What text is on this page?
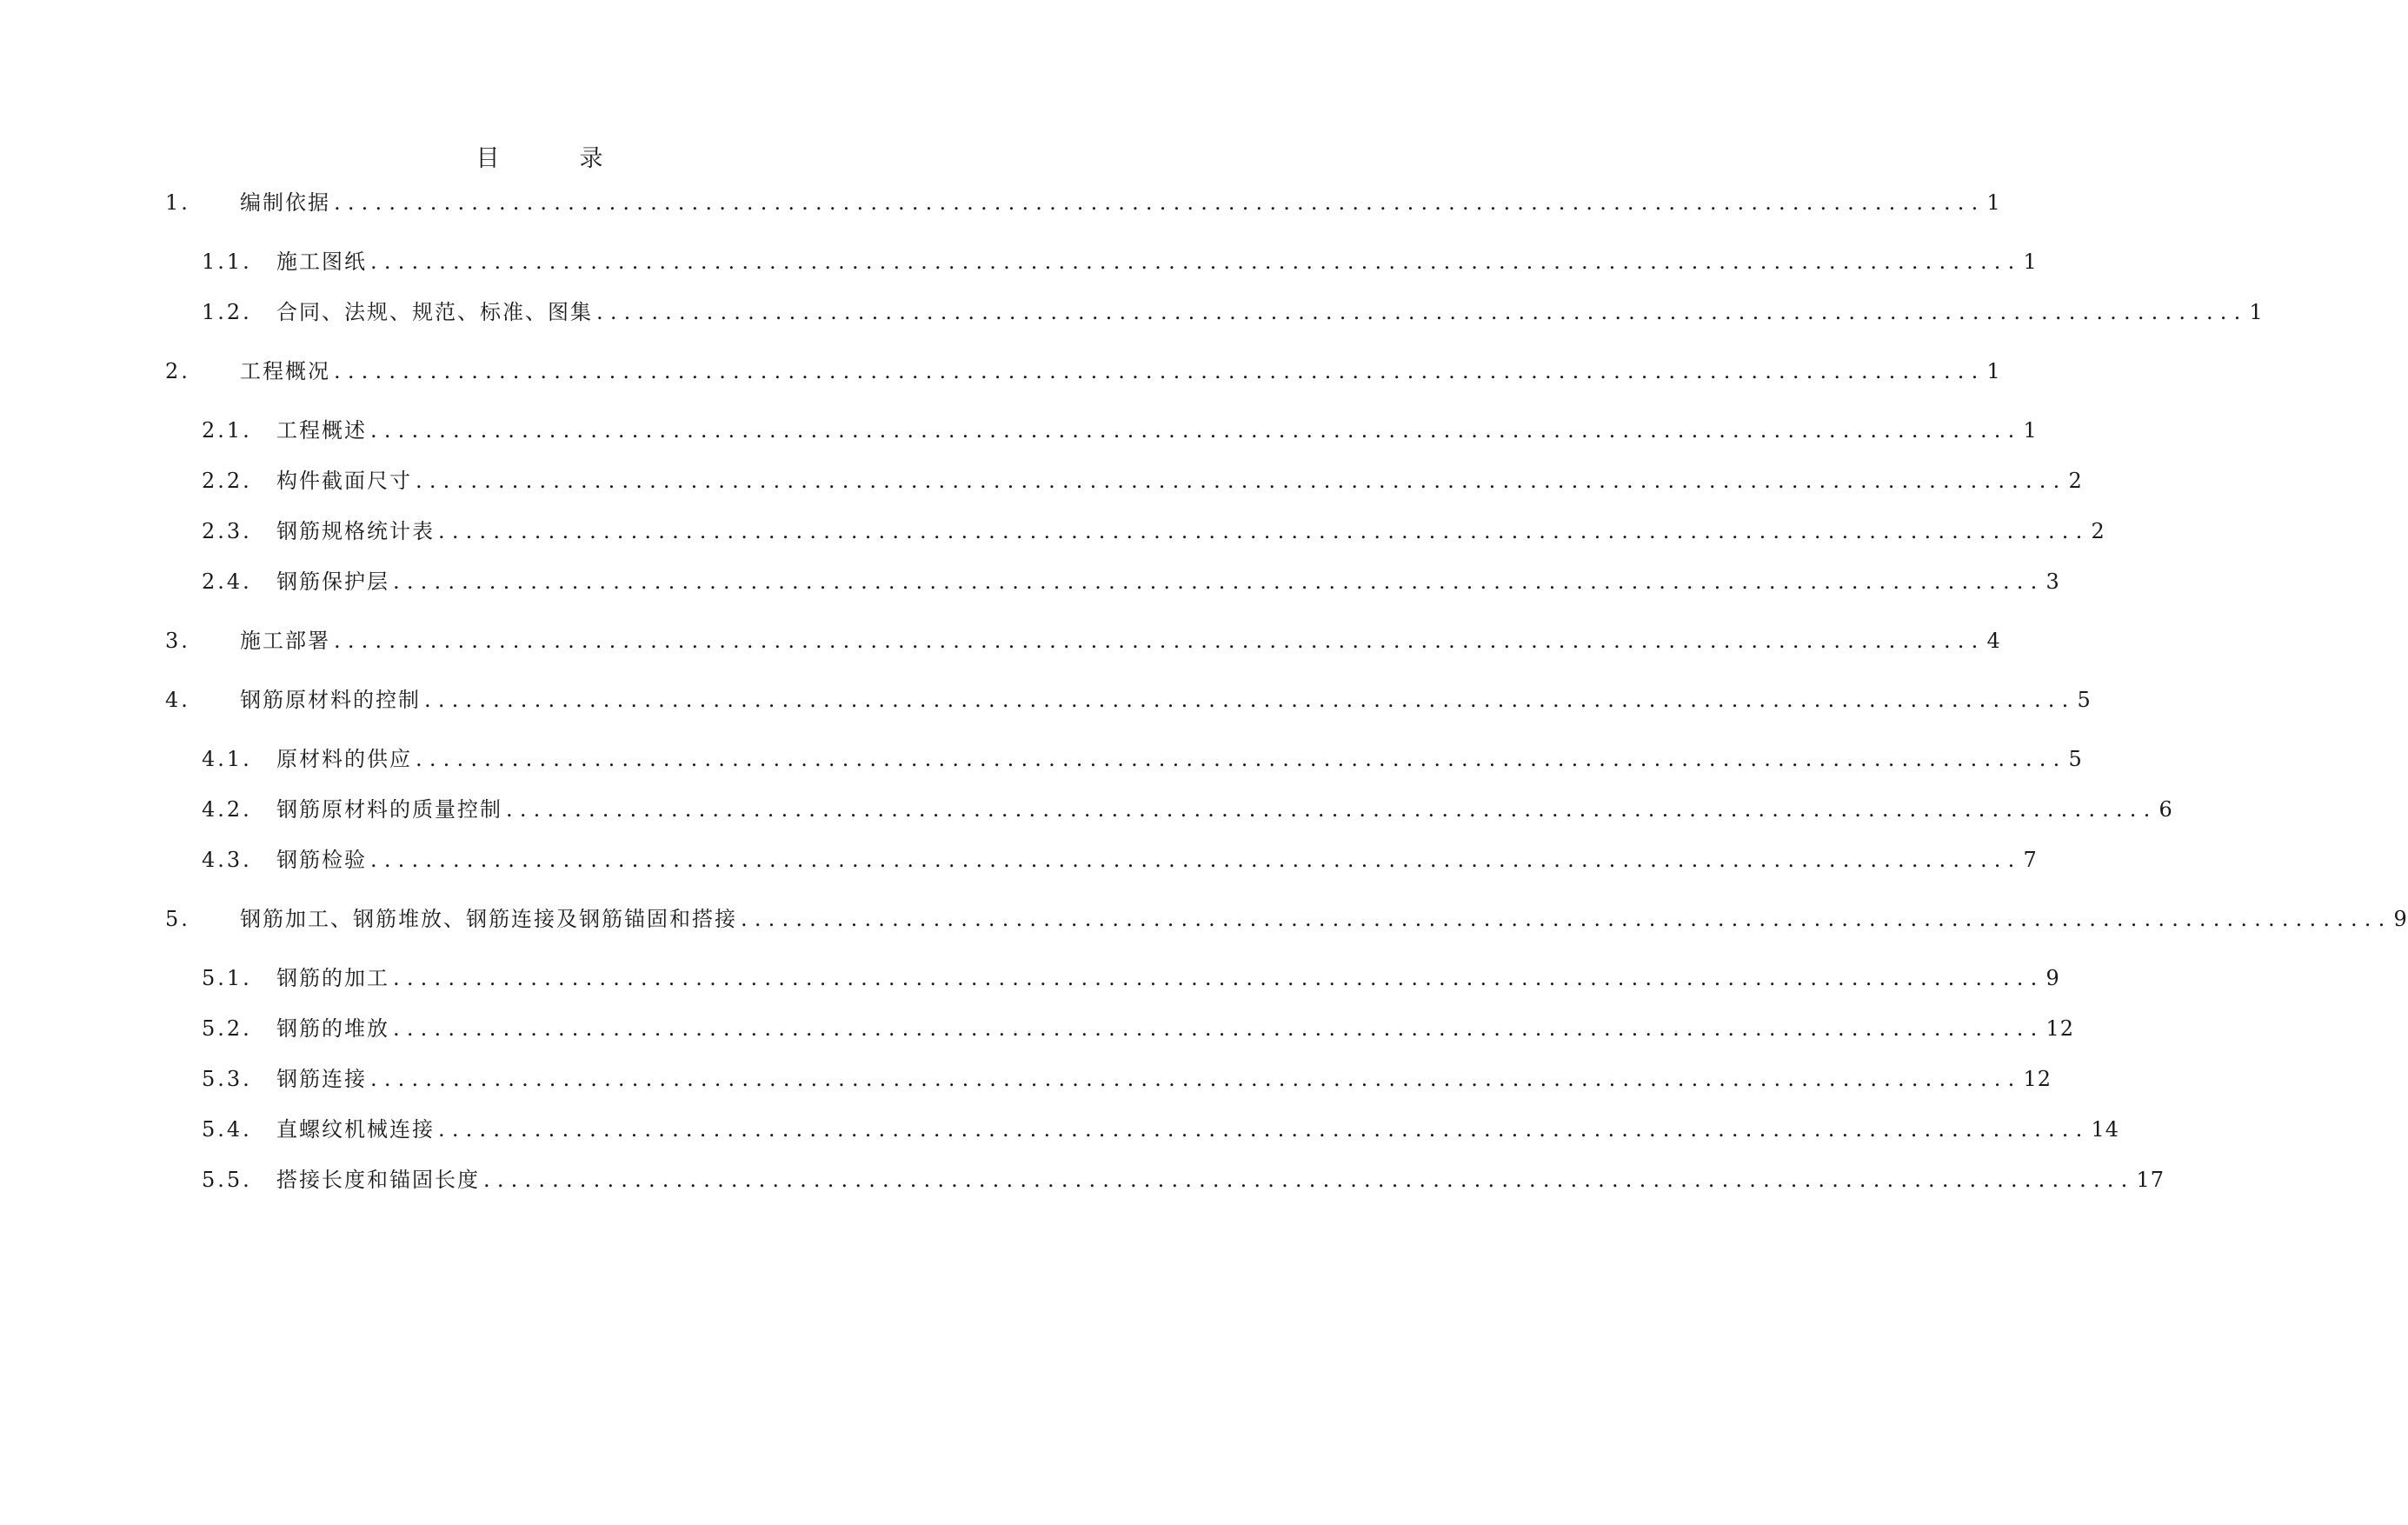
目	录
1.	编制依据 ........................................................................................................................ 1
1.1.	施工图纸 ........................................................................................................................ 1
1.2.	合同、法规、规范、标准、图集 ........................................................................................................................ 1
2.	工程概况 ........................................................................................................................ 1
2.1.	工程概述 ........................................................................................................................ 1
2.2.	构件截面尺寸 ........................................................................................................................ 2
2.3.	钢筋规格统计表 ........................................................................................................................ 2
2.4.	钢筋保护层 ........................................................................................................................ 3
3.	施工部署 ........................................................................................................................ 4
4.	钢筋原材料的控制 ........................................................................................................................ 5
4.1.	原材料的供应 ........................................................................................................................ 5
4.2.	钢筋原材料的质量控制 ........................................................................................................................ 6
4.3.	钢筋检验 ........................................................................................................................ 7
5.	钢筋加工、钢筋堆放、钢筋连接及钢筋锚固和搭接 ........................................................................................................................ 9
5.1.	钢筋的加工 ........................................................................................................................ 9
5.2.	钢筋的堆放 ........................................................................................................................ 12
5.3.	钢筋连接 ........................................................................................................................ 12
5.4.	直螺纹机械连接 ........................................................................................................................ 14
5.5.	搭接长度和锚固长度 ........................................................................................................................ 17
